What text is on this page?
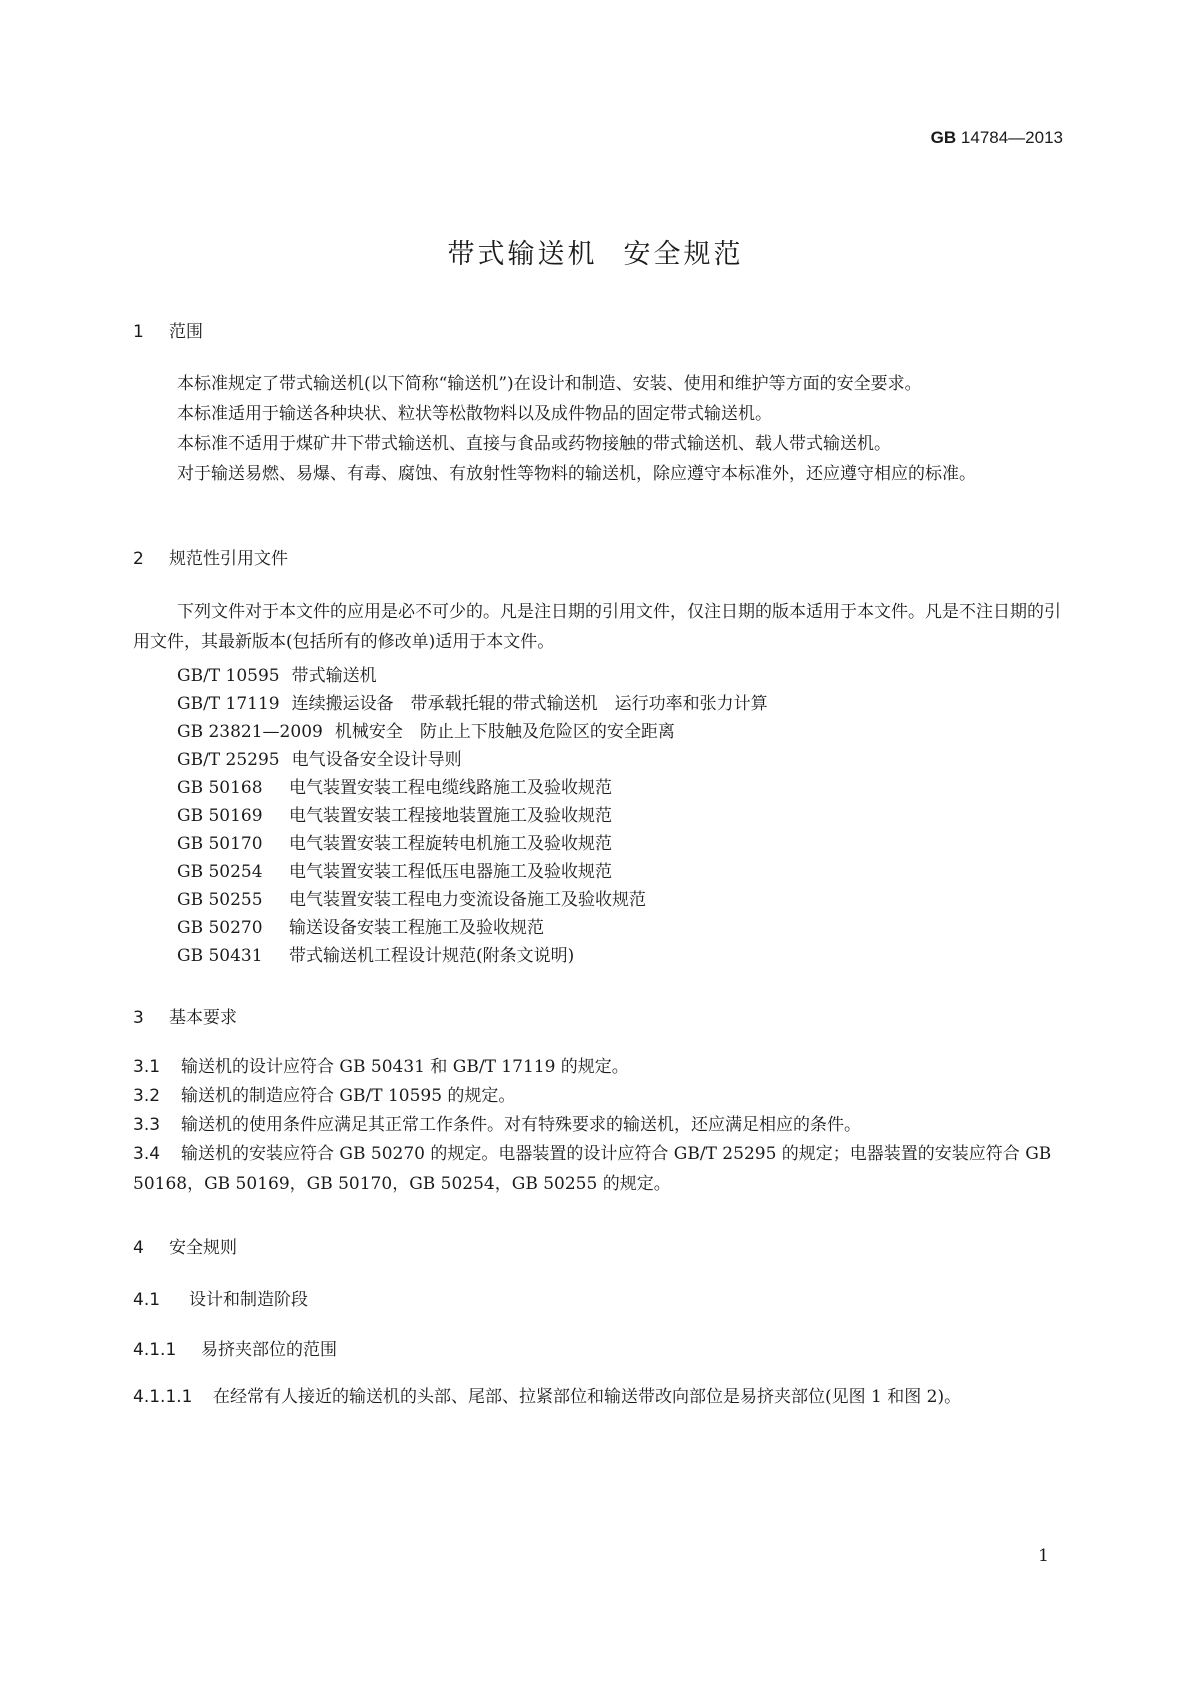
GB 14784—2013
带式输送机 安全规范
1 范围
本标准规定了带式输送机(以下简称“输送机”)在设计和制造、安装、使用和维护等方面的安全要求。
本标准适用于输送各种块状、粒状等松散物料以及成件物品的固定带式输送机。
本标准不适用于煤矿井下带式输送机、直接与食品或药物接触的带式输送机、载人带式输送机。
对于输送易燃、易爆、有毒、腐蚀、有放射性等物料的输送机，除应遵守本标准外，还应遵守相应的标准。
2 规范性引用文件
下列文件对于本文件的应用是必不可少的。凡是注日期的引用文件，仅注日期的版本适用于本文件。凡是不注日期的引用文件，其最新版本(包括所有的修改单)适用于本文件。
GB/T 10595 带式输送机
GB/T 17119 连续搬运设备　带承载托辊的带式输送机　运行功率和张力计算
GB 23821—2009 机械安全　防止上下肢触及危险区的安全距离
GB/T 25295 电气设备安全设计导则
GB 50168 电气装置安装工程电缆线路施工及验收规范
GB 50169 电气装置安装工程接地装置施工及验收规范
GB 50170 电气装置安装工程旋转电机施工及验收规范
GB 50254 电气装置安装工程低压电器施工及验收规范
GB 50255 电气装置安装工程电力变流设备施工及验收规范
GB 50270 输送设备安装工程施工及验收规范
GB 50431 带式输送机工程设计规范(附条文说明)
3 基本要求
3.1 输送机的设计应符合 GB 50431 和 GB/T 17119 的规定。
3.2 输送机的制造应符合 GB/T 10595 的规定。
3.3 输送机的使用条件应满足其正常工作条件。对有特殊要求的输送机，还应满足相应的条件。
3.4 输送机的安装应符合 GB 50270 的规定。电器装置的设计应符合 GB/T 25295 的规定；电器装置的安装应符合 GB 50168，GB 50169，GB 50170，GB 50254，GB 50255 的规定。
4 安全规则
4.1 设计和制造阶段
4.1.1 易挤夹部位的范围
4.1.1.1 在经常有人接近的输送机的头部、尾部、拉紧部位和输送带改向部位是易挤夹部位(见图 1 和图 2)。
1
